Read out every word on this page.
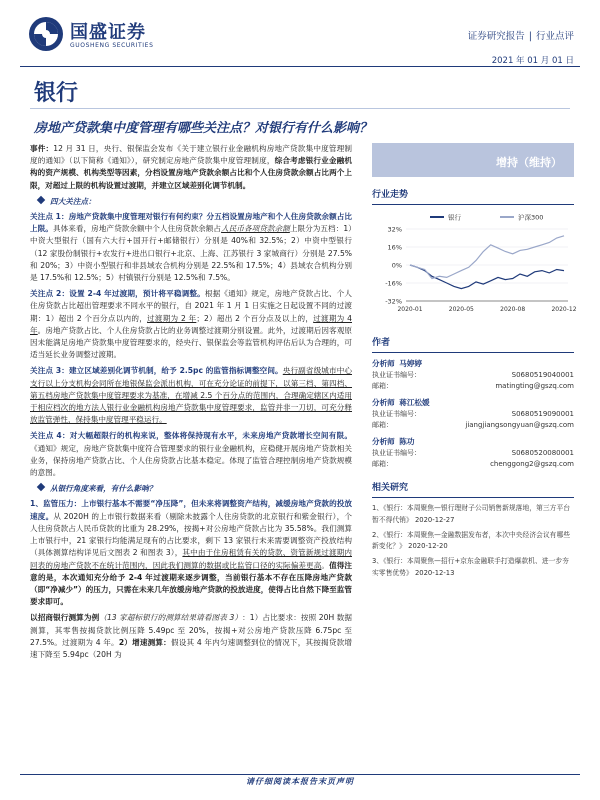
国盛证券
GUOSHENG SECURITIES
证券研究报告 | 行业点评
2021 年 01 月 01 日
银行
房地产贷款集中度管理有哪些关注点？对银行有什么影响？

事件：12 月 31 日，央行、银保监会发布《关于建立银行业金融机构房地产贷款集中度管理制度的通知》（以下简称《通知》），研究制定房地产贷款集中度管理制度，综合考虑银行业金融机构的资产规模、机构类型等因素，分档设置房地产贷款余额占比和个人住房贷款余额占比两个上限，对超过上限的机构设置过渡期，并建立区域差别化调节机制。

四大关注点：

关注点 1：房地产贷款集中度管理对银行有何约束？分五档设置房地产和个人住房贷款余额占比上限。具体来看，房地产贷款余额中个人住房贷款余额占人民币各项贷款余额上限分为五档：1）中资大型银行（国有六大行+国开行+邮储银行）分别是 40%和 32.5%；2）中资中型银行（12 家股份制银行+农发行+进出口银行+北京、上海、江苏银行 3 家城商行）分别是 27.5%和 20%；3）中资小型银行和非县域农合机构分别是 22.5%和 17.5%；4）县域农合机构分别是 17.5%和 12.5%；5）村镇银行分别是 12.5%和 7.5%。

关注点 2：设置 2-4 年过渡期，预计将平稳调整。根据《通知》规定，房地产贷款占比、个人住房贷款占比超出管理要求不同水平的银行，自 2021 年 1 月 1 日实施之日起设置不同的过渡期：1）超出 2 个百分点以内的，过渡期为 2 年；2）超出 2 个百分点及以上的，过渡期为 4 年。房地产贷款占比、个人住房贷款占比的业务调整过渡期分别设置。此外，过渡期后因客观原因未能满足房地产贷款集中度管理要求的，经央行、银保监会等监管机构评估后认为合理的，可适当延长业务调整过渡期。

关注点 3：建立区域差别化调节机制，给予 2.5pc 的监管指标调整空间。央行副省级城市中心支行以上分支机构会同所在地银保监会派出机构，可在充分论证的前提下，以第三档、第四档、第五档房地产贷款集中度管理要求为基准，在增减 2.5 个百分点的范围内，合理确定辖区内适用于相应档次的地方法人银行业金融机构房地产贷款集中度管理要求，监管并非一刀切，可充分释放监管弹性，保持集中度管理平稳运行。

关注点 4：对大幅超限行的机构来说，整体将保持现有水平，未来房地产贷款增长空间有限。《通知》规定，房地产贷款集中度符合管理要求的银行业金融机构，应稳健开展房地产贷款相关业务，保持房地产贷款占比、个人住房贷款占比基本稳定。体现了监管合理控制房地产贷款规模的意图。

从银行角度来看，有什么影响？

1、监管压力：上市银行基本不需要“净压降”，但未来将调整资产结构，减缓房地产贷款的投放速度。从 2020H 的上市银行数据来看（剔除未披露个人住房贷款的北京银行和紫金银行），个人住房贷款占人民币贷款的比重为 28.29%，按揭+对公房地产贷款占比为 35.58%。我们测算上市银行中，21 家银行均能满足现有的占比要求，剩下 13 家银行未来需要调整资产投放结构（具体测算结构详见后文图表 2 和图表 3），其中由于住房租赁有关的贷款、资管新规过渡期内回表的房地产贷款不在统计范围内，因此我们测算的数据或比监管口径的实际偏差更高。值得注意的是，本次通知充分给予 2-4 年过渡期来逐步调整，当前银行基本不存在压降房地产贷款（即“净减少”）的压力，只需在未来几年放缓房地产贷款的投放进度，使得占比自然下降至监管要求即可。

以招商银行测算为例（13 家超标银行的测算结果请看图表 3）：1）占比要求：按照 20H 数据测算，其零售按揭贷款比例压降 5.49pc 至 20%，按揭+对公房地产贷款压降 6.75pc 至 27.5%。过渡期为 4 年。2）增速测算：假设其 4 年内匀速调整到位的情况下，其按揭贷款增速下降至 5.94pc（20H 为

增持（维持）
行业走势
32%
16%
0%
-16%
-32%
2020-01	2020-05	2020-08	2020-12
银行	沪深300
作者
分析师 马婷婷
执业证书编号：	S0680519040001
邮箱：	matingting@gszq.com
分析师 蒋江松媛
执业证书编号：	S0680519090001
邮箱：	jiangjiangsongyuan@gszq.com
分析师 陈功
执业证书编号：	S0680520080001
邮箱：	chenggong2@gszq.com
相关研究
1、《银行：本周聚焦—银行理财子公司销售新规落地，第三方平台暂不得代销》 2020-12-27
2、《银行：本周聚焦—金融数据发布者，本次中央经济会议有哪些新变化？》 2020-12-20
3、《银行：本周聚焦—招行+京东金融联手打造爆款机、进一步夯实零售优势》 2020-12-13
请仔细阅读本报告末页声明
